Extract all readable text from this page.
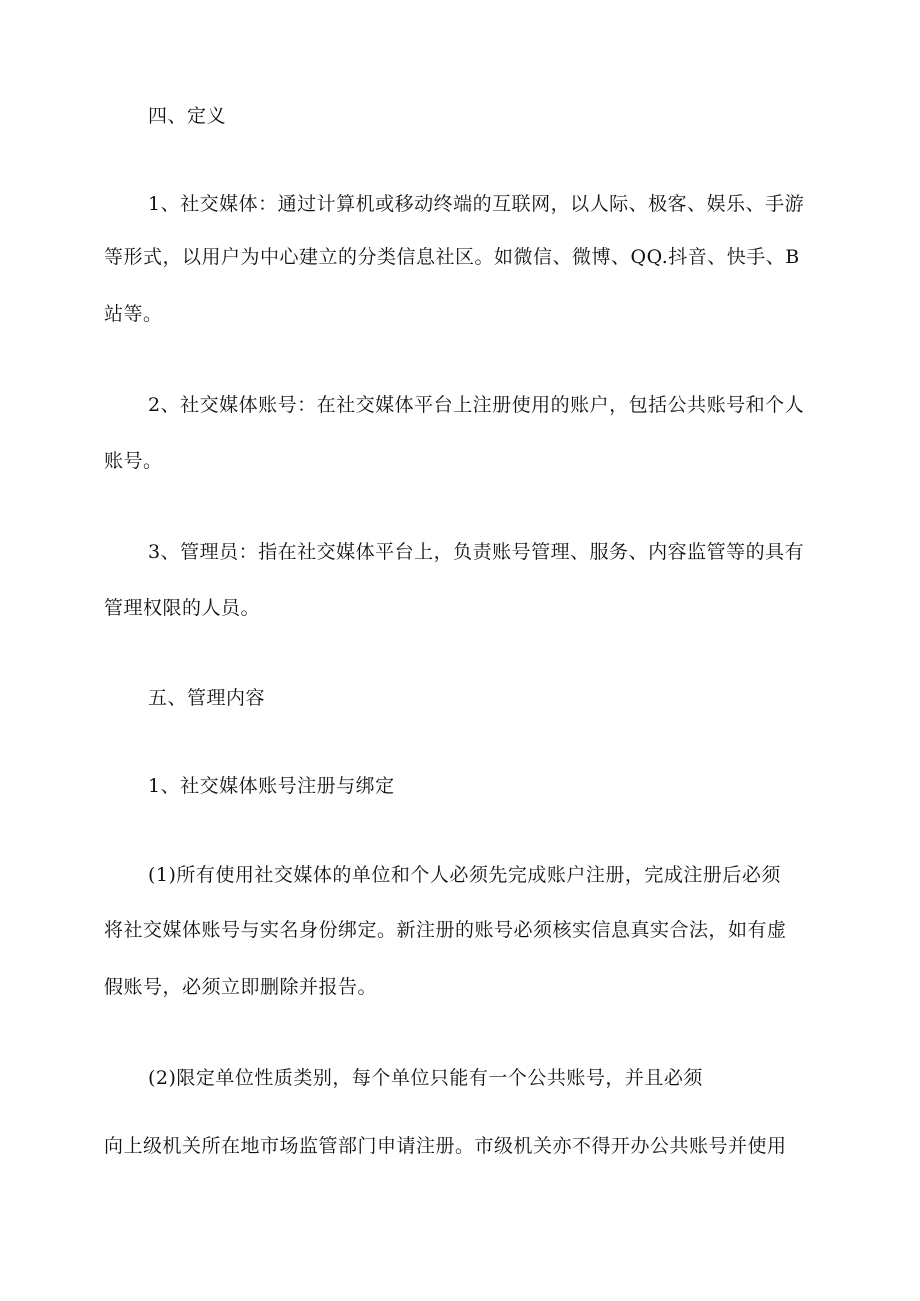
四、定义

1、社交媒体：通过计算机或移动终端的互联网，以人际、极客、娱乐、手游

等形式，以用户为中心建立的分类信息社区。如微信、微博、QQ.抖音、快手、B

站等。

2、社交媒体账号：在社交媒体平台上注册使用的账户，包括公共账号和个人

账号。

3、管理员：指在社交媒体平台上，负责账号管理、服务、内容监管等的具有

管理权限的人员。

五、管理内容

1、社交媒体账号注册与绑定

(1)所有使用社交媒体的单位和个人必须先完成账户注册，完成注册后必须

将社交媒体账号与实名身份绑定。新注册的账号必须核实信息真实合法，如有虚

假账号，必须立即删除并报告。

(2)限定单位性质类别，每个单位只能有一个公共账号，并且必须

向上级机关所在地市场监管部门申请注册。市级机关亦不得开办公共账号并使用
